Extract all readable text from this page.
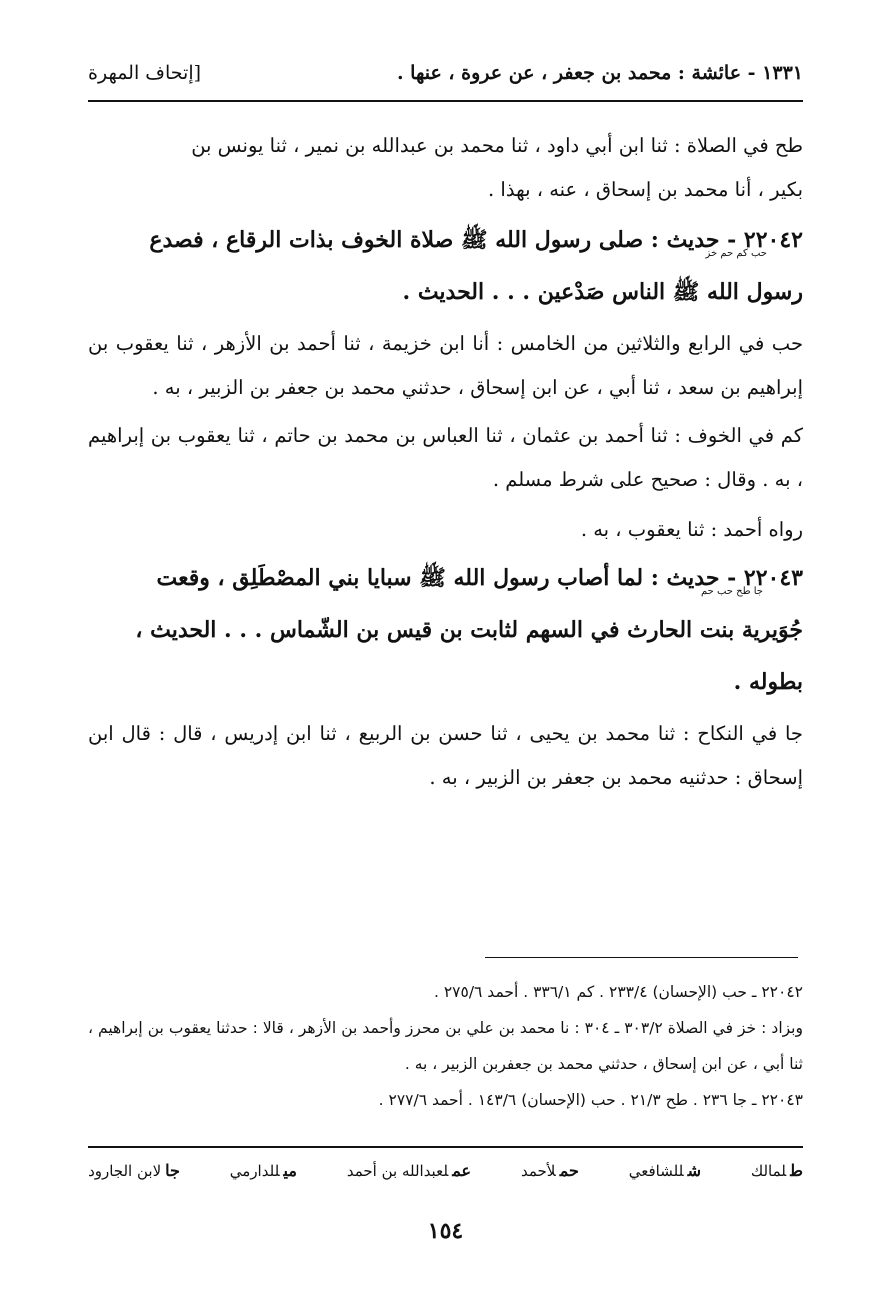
١٣٣١ - عائشة : محمد بن جعفر ، عن عروة ، عنها .
[إتحاف المهرة

طح في الصلاة : ثنا ابن أبي داود ، ثنا محمد بن عبدالله بن نمير ، ثنا يونس بن
بكير ، أنا محمد بن إسحاق ، عنه ، بهذا .

٢٢٠٤٢ - حديث : صلى رسول الله ﷺ صلاة الخوف بذات الرقاع ، فصدع
رسول الله ﷺ الناس صَدْعين . . . الحديث .

حب كم حم خز

حب في الرابع والثلاثين من الخامس : أنا ابن خزيمة ، ثنا أحمد بن الأزهر ، ثنا يعقوب بن إبراهيم بن سعد ، ثنا أبي ، عن ابن إسحاق ، حدثني محمد بن جعفر بن الزبير ، به .

كم في الخوف : ثنا أحمد بن عثمان ، ثنا العباس بن محمد بن حاتم ، ثنا يعقوب بن إبراهيم ، به . وقال : صحيح على شرط مسلم .

رواه أحمد : ثنا يعقوب ، به .

٢٢٠٤٣ - حديث : لما أصاب رسول الله ﷺ سبايا بني المصْطَلِق ، وقعت
جُوَيرية بنت الحارث في السهم لثابت بن قيس بن الشّماس . . . الحديث ،
بطوله .

جا طح حب حم

جا في النكاح : ثنا محمد بن يحيى ، ثنا حسن بن الربيع ، ثنا ابن إدريس ، قال : قال ابن إسحاق : حدثنيه محمد بن جعفر بن الزبير ، به .

٢٢٠٤٢ ـ حب (الإحسان) ٢٣٣/٤ . كم ٣٣٦/١ . أحمد ٢٧٥/٦ .

وبزاد : خز في الصلاة ٣٠٣/٢ ـ ٣٠٤ : نا محمد بن علي بن محرز وأحمد بن الأزهر ، قالا : حدثنا يعقوب بن إبراهيم ، ثنا أبي ، عن ابن إسحاق ، حدثني محمد بن جعفربن الزبير ، به .

٢٢٠٤٣ ـ جا ٢٣٦ . طح ٢١/٣ . حب (الإحسان) ١٤٣/٦ . أحمد ٢٧٧/٦ .

طلمالك
شللشافعي
حملأحمد
عملعبدالله بن أحمد
ميللدارمي
جالابن الجارود
١٥٤
